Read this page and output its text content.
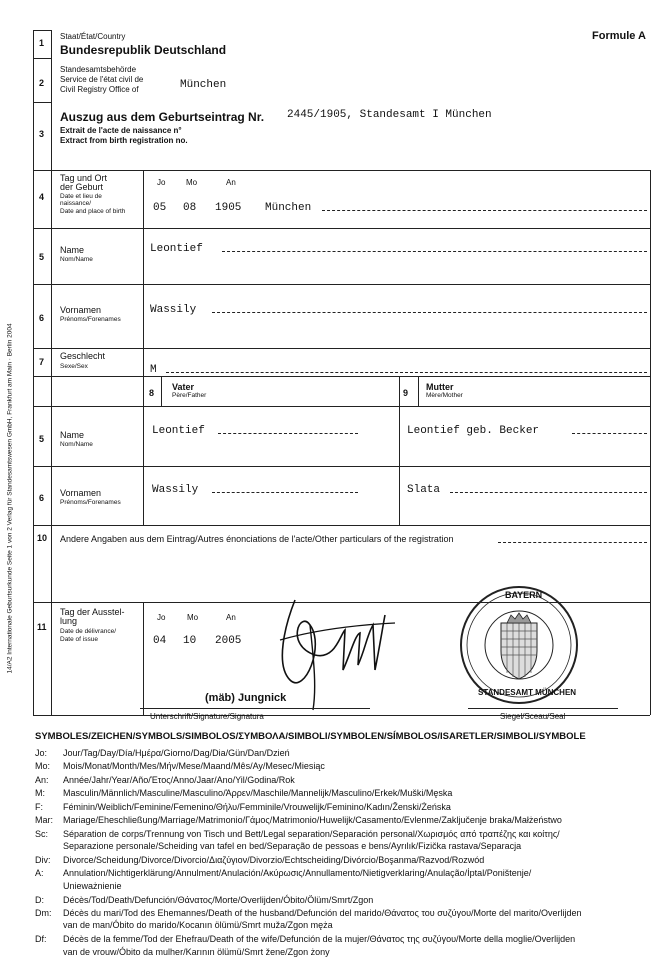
Formule A
14/A2 Internationale Geburtsurkunde Seite 1 von 2 Verlag für Standesamtswesen GmbH, Frankfurt am Main · Berlin 2004
1
Staat/État/Country
Bundesrepublik Deutschland
2
Standesamtsbehörde
Service de l'état civil de
Civil Registry Office of	München
3
Auszug aus dem Geburtseintrag Nr.
Extrait de l'acte de naissance n°
Extract from birth registration no.
2445/1905, Standesamt I München
4
Tag und Ort
der Geburt
Date et lieu de
naissance/
Date and place of birth
Jo	Mo	An
05 08 1905 München
5
Name
Nom/Name
Leontief
6
Vornamen
Prénoms/Forenames
Wassily
7
Geschlecht
Sexe/Sex	M
8
Vater
Père/Father	9
Mutter
Mère/Mother
5 Name
Nom/Name
Leontief	Leontief geb. Becker
6 Vornamen
Prénoms/Forenames
Wassily	Slata
10 Andere Angaben aus dem Eintrag/Autres énonciations de l'acte/Other particulars of the registration
11
Tag der Ausstel-
lung
Date de délivrance/
Date of issue
Jo	Mo	An
04 10 2005
(mäb) Jungnick
Unterschrift/Signature/Signatura
BAYERN
STANDESAMT MÜNCHEN
Siegel/Sceau/Seal
SYMBOLES/ZEICHEN/SYMBOLS/SIMBOLOS/ΣΥΜΒΟΛΑ/SIMBOLI/SYMBOLEN/SÍMBOLOS/ISARETLER/SIMBOLI/SYMBOLE
Jo:	Jour/Tag/Day/Día/Ημέρα/Giorno/Dag/Dia/Gün/Dan/Dzień
Mo:	Mois/Monat/Month/Mes/Μήν/Mese/Maand/Mês/Ay/Mesec/Miesiąc
An:	Année/Jahr/Year/Año/Έτος/Anno/Jaar/Ano/Yil/Godina/Rok
M:	Masculin/Männlich/Masculine/Masculino/Άρρεν/Maschile/Mannelijk/Masculino/Erkek/Muški/Męska
F:	Féminin/Weiblich/Feminine/Femenino/Θήλυ/Femminile/Vrouwelijk/Feminino/Kadın/Ženski/Żeńska
Mar:	Mariage/Eheschließung/Marriage/Matrimonio/Γάμος/Matrimonio/Huwelijk/Casamento/Evlenme/Zaključenje braka/Małżeństwo
Sc:	Séparation de corps/Trennung von Tisch und Bett/Legal separation/Separación personal/Χωρισμός από τραπέζης και κοίτης/
Separazione personale/Scheiding van tafel en bed/Separação de pessoas e bens/Ayrılık/Fizička rastava/Separacja
Div:	Divorce/Scheidung/Divorce/Divorcio/Διαζύγιον/Divorzio/Echtscheiding/Divórcio/Boşanma/Razvod/Rozwód
A:	Annulation/Nichtigerklärung/Annulment/Anulación/Ακύρωσις/Annullamento/Nietigverklaring/Anulação/İptal/Poništenje/
Unieważnienie
D:	Décès/Tod/Death/Defunción/Θάνατος/Morte/Overlijden/Óbito/Ölüm/Smrt/Zgon
Dm:	Décès du mari/Tod des Ehemannes/Death of the husband/Defunción del marido/Θάνατος του συζύγου/Morte del marito/Overlijden
van de man/Óbito do marido/Kocanın ölümü/Smrt muža/Zgon męża
Df:	Décès de la femme/Tod der Ehefrau/Death of the wife/Defunción de la mujer/Θάνατος της συζύγου/Morte della moglie/Overlijden
van de vrouw/Óbito da mulher/Karının ölümü/Smrt žene/Zgon żony
